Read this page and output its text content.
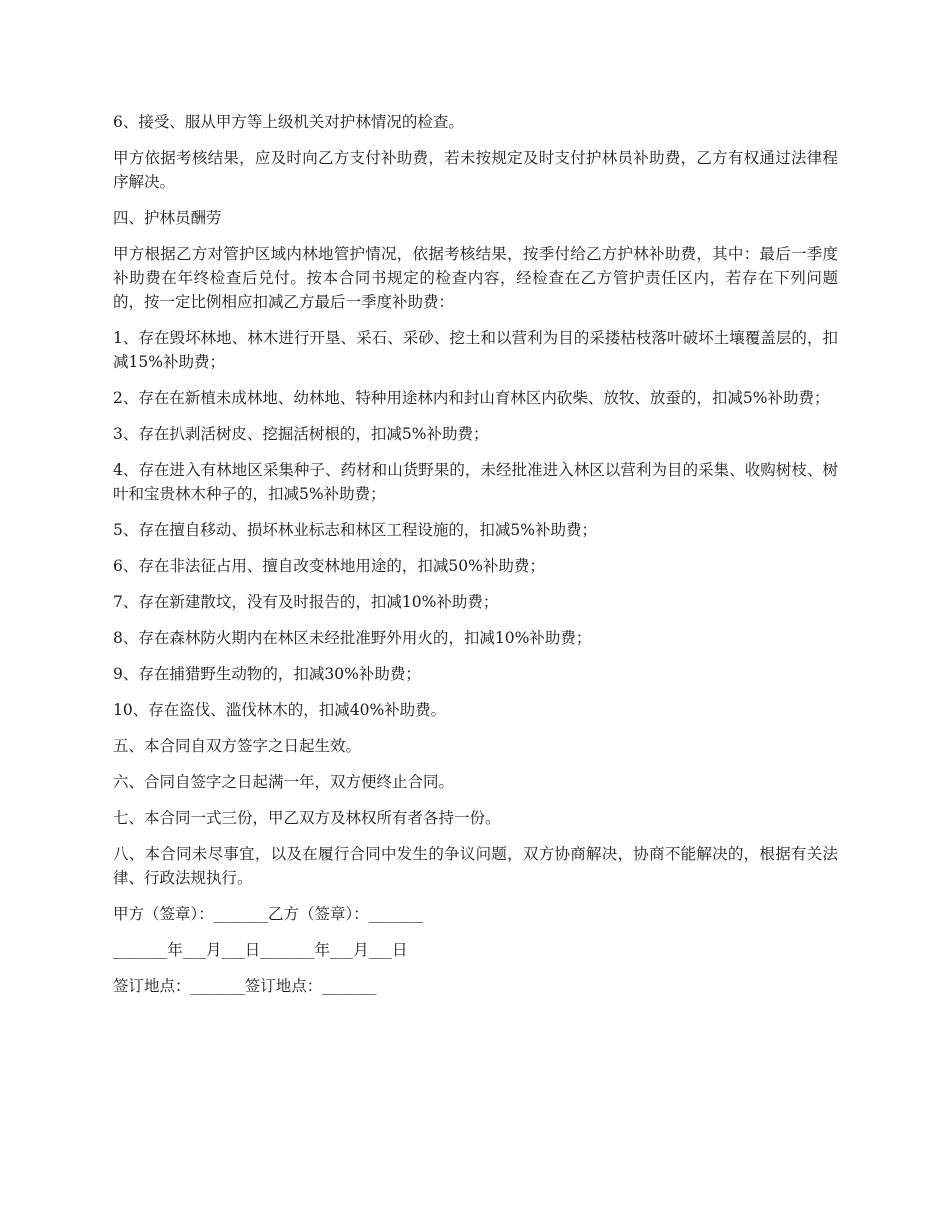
6、接受、服从甲方等上级机关对护林情况的检查。

甲方依据考核结果，应及时向乙方支付补助费，若未按规定及时支付护林员补助费，乙方有权通过法律程序解决。

四、护林员酬劳

甲方根据乙方对管护区域内林地管护情况，依据考核结果，按季付给乙方护林补助费，其中：最后一季度补助费在年终检查后兑付。按本合同书规定的检查内容，经检查在乙方管护责任区内，若存在下列问题的，按一定比例相应扣减乙方最后一季度补助费：

1、存在毁坏林地、林木进行开垦、采石、采砂、挖土和以营利为目的采搂枯枝落叶破坏土壤覆盖层的，扣减15%补助费；

2、存在在新植未成林地、幼林地、特种用途林内和封山育林区内砍柴、放牧、放蚕的，扣减5%补助费；

3、存在扒剥活树皮、挖掘活树根的，扣减5%补助费；

4、存在进入有林地区采集种子、药材和山货野果的，未经批准进入林区以营利为目的采集、收购树枝、树叶和宝贵林木种子的，扣减5%补助费；

5、存在擅自移动、损坏林业标志和林区工程设施的，扣减5%补助费；

6、存在非法征占用、擅自改变林地用途的，扣减50%补助费；

7、存在新建散坟，没有及时报告的，扣减10%补助费；

8、存在森林防火期内在林区未经批准野外用火的，扣减10%补助费；

9、存在捕猎野生动物的，扣减30%补助费；

10、存在盗伐、滥伐林木的，扣减40%补助费。

五、本合同自双方签字之日起生效。

六、合同自签字之日起满一年，双方便终止合同。

七、本合同一式三份，甲乙双方及林权所有者各持一份。

八、本合同未尽事宜，以及在履行合同中发生的争议问题，双方协商解决，协商不能解决的，根据有关法律、行政法规执行。

甲方（签章）：_______乙方（签章）：_______

_______年___月___日_______年___月___日

签订地点：_______签订地点：_______
